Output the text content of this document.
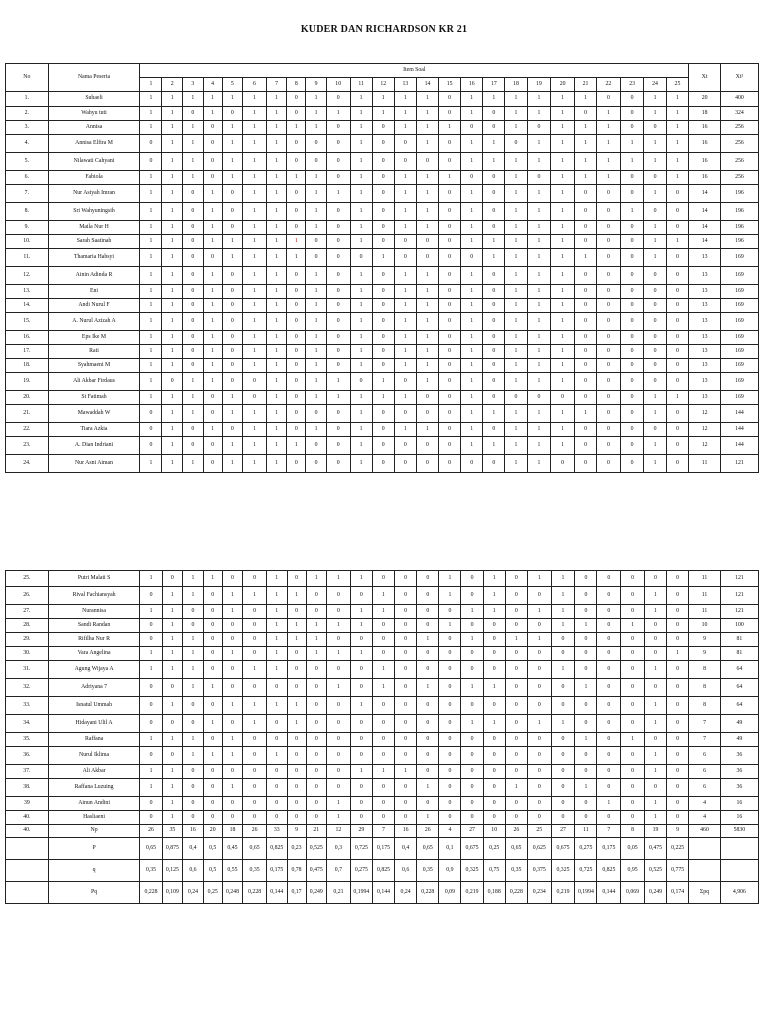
KUDER DAN RICHARDSON KR 21
No	Nama Peserta	Item Soal																									Xt	Xt²
		1	2	3	4	5	6	7	8	9	10	11	12	13	14	15	16	17	18	19	20	21	22	23	24	25		
1.	Suhaeli	1	1	1	1	1	1	1	0	1	0	1	1	1	1	0	1	1	1	1	1	1	0	0	1	1	20	400
2.	Wahyu tuti	1	1	0	1	0	1	1	0	1	1	1	1	1	1	0	1	0	1	1	1	0	1	0	1	1	18	324
3.	Annisa	1	1	1	0	1	1	1	1	1	0	1	0	1	1	1	0	0	1	0	1	1	1	0	0	1	16	256
4.	Annisa Elfira M	0	1	1	0	1	1	1	0	0	0	1	0	0	1	0	1	1	0	1	1	1	1	1	1	1	16	256
5.	Nilawati Cahyani	0	1	1	0	1	1	1	0	0	0	1	0	0	0	0	1	1	1	1	1	1	1	1	1	1	16	256
6.	Fabiola	1	1	1	0	1	1	1	1	1	0	1	0	1	1	1	0	0	1	0	1	1	1	0	0	1	16	256
7.	Nur Asiyah Imran	1	1	0	1	0	1	1	0	1	1	1	0	1	1	0	1	0	1	1	1	0	0	0	1	0	14	196
8.	Sri Wahyuningsih	1	1	0	1	0	1	1	0	1	0	1	0	1	1	0	1	0	1	1	1	0	0	1	0	0	14	196
9.	Maila Nur H	1	1	0	1	0	1	1	0	1	0	1	0	1	1	0	1	0	1	1	1	0	0	0	1	0	14	196
10.	Sarah Saatinah	1	1	0	1	1	1	1	1	0	0	1	0	0	0	0	1	1	1	1	1	0	0	0	1	1	14	196
11.	Thamaria Habsyi	1	1	0	0	1	1	1	1	0	0	0	1	0	0	0	0	1	1	1	1	1	0	0	1	0	13	169
12.	Ainin Adinda R	1	1	0	1	0	1	1	0	1	0	1	0	1	1	0	1	0	1	1	1	0	0	0	0	0	13	169
13.	Eni	1	1	0	1	0	1	1	0	1	0	1	0	1	1	0	1	0	1	1	1	0	0	0	0	0	13	169
14.	Andi Nurul F	1	1	0	1	0	1	1	0	1	0	1	0	1	1	0	1	0	1	1	1	0	0	0	0	0	13	169
15.	A. Nurul Azizah A	1	1	0	1	0	1	1	0	1	0	1	0	1	1	0	1	0	1	1	1	0	0	0	0	0	13	169
16.	Eps Ike M	1	1	0	1	0	1	1	0	1	0	1	0	1	1	0	1	0	1	1	1	0	0	0	0	0	13	169
17.	Rati	1	1	0	1	0	1	1	0	1	0	1	0	1	1	0	1	0	1	1	1	0	0	0	0	0	13	169
18.	Syahmaeni M	1	1	0	1	0	1	1	0	1	0	1	0	1	1	0	1	0	1	1	1	0	0	0	0	0	13	169
19.	Ali Akbar Firdaus	1	0	1	1	0	0	1	0	1	1	0	1	0	1	0	1	0	1	1	1	0	0	0	0	0	13	169
20.	St Fatimah	1	1	1	0	1	0	1	0	1	1	1	1	1	0	0	1	0	0	0	0	0	0	0	1	1	13	169
21.	Mawaddah W	0	1	1	0	1	1	1	0	0	0	1	0	0	0	0	1	1	1	1	1	1	0	0	1	0	12	144
22.	Tiara Azkia	0	1	0	1	0	1	1	0	1	0	1	0	1	1	0	1	0	1	1	1	0	0	0	0	0	12	144
23.	A. Dian Indriani	0	1	0	0	1	1	1	1	0	0	1	0	0	0	0	1	1	1	1	1	0	0	0	1	0	12	144
24.	Nur Asni Aiman	1	1	1	0	1	1	1	0	0	0	1	0	0	0	0	0	0	1	1	0	0	0	0	1	0	11	121
25.	Putri Malati S	1	0	1	1	0	0	1	0	1	1	1	0	0	0	1	0	1	0	1	1	0	0	0	0	0	11	121
26.	Rival Fachiansyah	0	1	1	0	1	1	1	1	0	0	0	1	0	0	1	0	1	0	0	1	0	0	0	1	0	11	121
27.	Nurannisa	1	1	0	0	1	0	1	0	0	0	1	1	0	0	0	1	1	0	1	1	0	0	0	1	0	11	121
28.	Sandi Randan	0	1	0	0	0	0	1	1	1	1	1	0	0	0	1	0	0	0	0	1	1	0	1	0	0	10	100
29.	Rifilha Nur R	0	1	1	0	0	0	1	1	1	0	0	0	0	1	0	1	0	1	1	0	0	0	0	0	0	9	81
30.	Vara Angelina	1	1	1	0	1	0	1	0	1	1	1	0	0	0	0	0	0	0	0	0	0	0	0	0	1	9	81
31.	Agung Wijaya A	1	1	1	0	0	1	1	0	0	0	0	1	0	0	0	0	0	0	0	1	0	0	0	1	0	8	64
32.	Adriyana 7	0	0	1	1	0	0	0	0	0	1	0	1	0	1	0	1	1	0	0	0	1	0	0	0	0	8	64
33.	Isnatul Ummah	0	1	0	0	1	1	1	1	0	0	1	0	0	0	0	0	0	0	0	0	0	0	0	1	0	8	64
34.	Hidayani Ulil A	0	0	0	1	0	1	0	1	0	0	0	0	0	0	0	1	1	0	1	1	0	0	0	1	0	7	49
35.	Raffana	1	1	1	0	1	0	0	0	0	0	0	0	0	0	0	0	0	0	0	0	1	0	1	0	0	7	49
36.	Nurul Iklima	0	0	1	1	1	0	1	0	0	0	0	0	0	0	0	0	0	0	0	0	0	0	0	1	0	6	36
37.	Ali Akbar	1	1	0	0	0	0	0	0	0	0	1	1	1	0	0	0	0	0	0	0	0	0	0	1	0	6	36
38.	Raffana Luzuing	1	1	0	0	1	0	0	0	0	0	0	0	0	1	0	0	0	1	0	0	1	0	0	0	0	6	36
39	Ainun Andini	0	1	0	0	0	0	0	0	0	1	0	0	0	0	0	0	0	0	0	0	0	1	0	1	0	4	16
40.	Hasliaeni	0	1	0	0	0	0	0	0	0	1	0	0	0	1	0	0	0	0	0	0	0	0	0	1	0	4	16
40.	Np	26	35	16	20	18	26	33	9	21	12	29	7	16	26	4	27	10	26	25	27	11	7	8	19	9	460	5830
	P	0,65	0,875	0,4	0,5	0,45	0,65	0,825	0,23	0,525	0,3	0,725	0,175	0,4	0,65	0,1	0,675	0,25	0,65	0,625	0,675	0,275	0,175	0,05	0,475	0,225		
	q	0,35	0,125	0,6	0,5	0,55	0,35	0,175	0,78	0,475	0,7	0,275	0,825	0,6	0,35	0,9	0,325	0,75	0,35	0,375	0,325	0,725	0,825	0,95	0,525	0,775		
	Pq	0,228	0,109	0,24	0,25	0,248	0,228	0,144	0,17	0,249	0,21	0,1994	0,144	0,24	0,228	0,09	0,219	0,188	0,228	0,234	0,219	0,1994	0,144	0,069	0,249	0,174	Σpq	4,906
